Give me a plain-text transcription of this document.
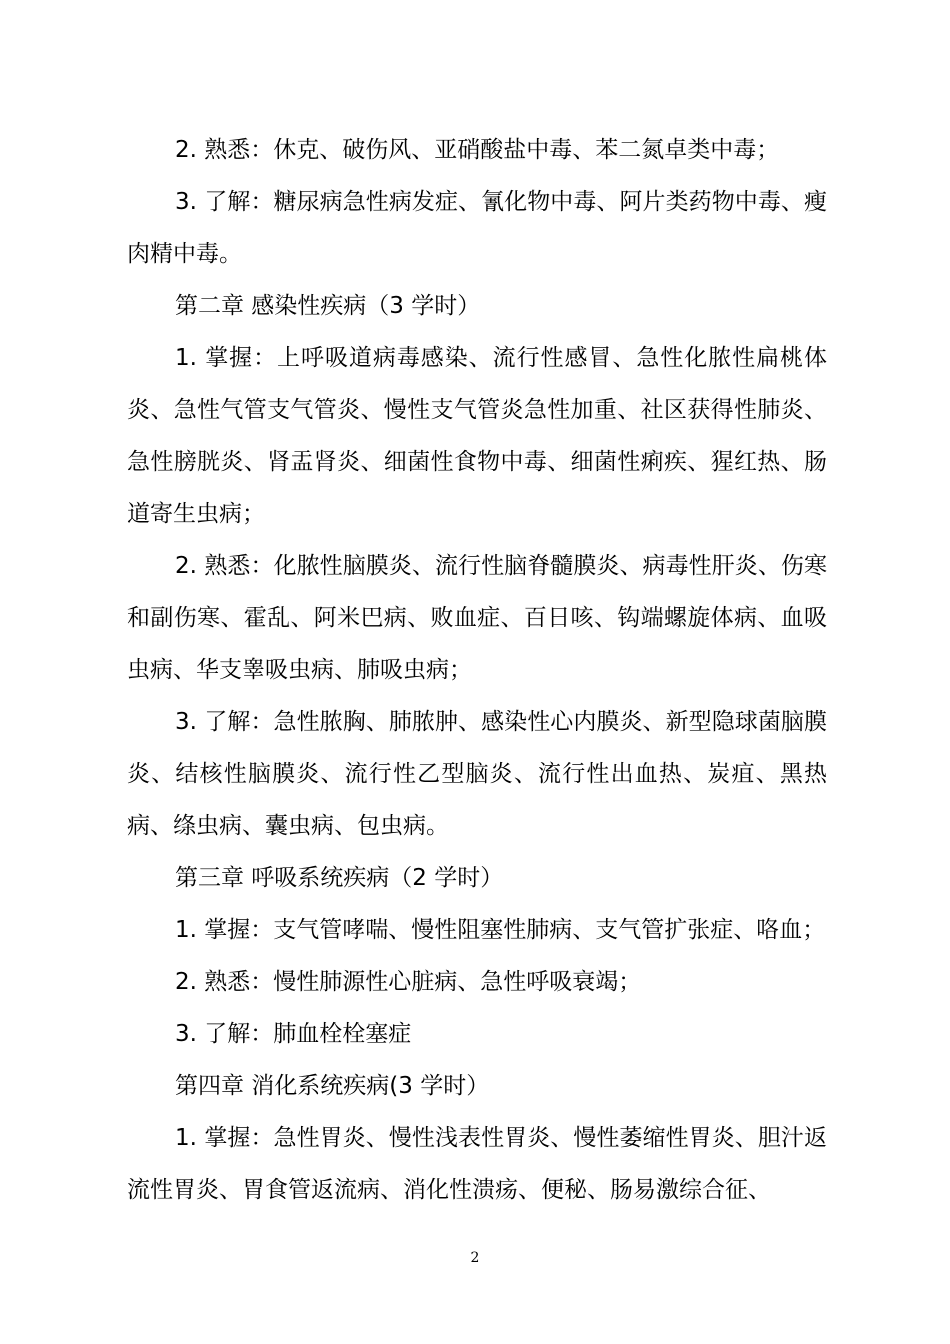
2. 熟悉：休克、破伤风、亚硝酸盐中毒、苯二氮卓类中毒；

3. 了解：糖尿病急性病发症、氰化物中毒、阿片类药物中毒、瘦肉精中毒。

第二章 感染性疾病（3 学时）

1. 掌握：上呼吸道病毒感染、流行性感冒、急性化脓性扁桃体炎、急性气管支气管炎、慢性支气管炎急性加重、社区获得性肺炎、急性膀胱炎、肾盂肾炎、细菌性食物中毒、细菌性痢疾、猩红热、肠道寄生虫病；

2. 熟悉：化脓性脑膜炎、流行性脑脊髓膜炎、病毒性肝炎、伤寒和副伤寒、霍乱、阿米巴病、败血症、百日咳、钩端螺旋体病、血吸虫病、华支睾吸虫病、肺吸虫病；

3. 了解：急性脓胸、肺脓肿、感染性心内膜炎、新型隐球菌脑膜炎、结核性脑膜炎、流行性乙型脑炎、流行性出血热、炭疽、黑热病、绦虫病、囊虫病、包虫病。

第三章 呼吸系统疾病（2 学时）

1. 掌握：支气管哮喘、慢性阻塞性肺病、支气管扩张症、咯血；

2. 熟悉：慢性肺源性心脏病、急性呼吸衰竭；

3. 了解：肺血栓栓塞症

第四章 消化系统疾病(3 学时）

1. 掌握：急性胃炎、慢性浅表性胃炎、慢性萎缩性胃炎、胆汁返流性胃炎、胃食管返流病、消化性溃疡、便秘、肠易激综合征、

2
